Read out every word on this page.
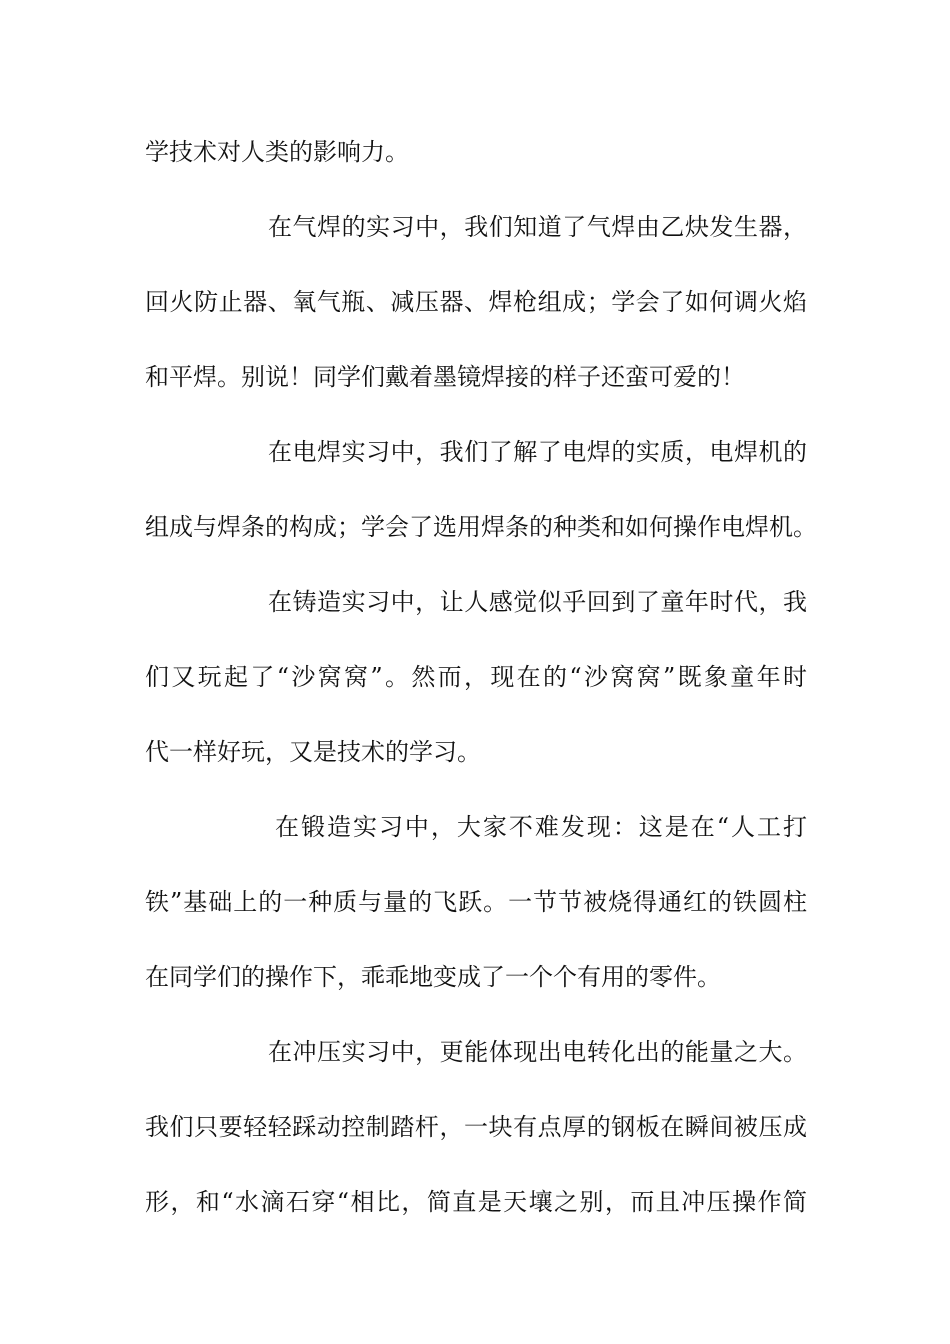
学技术对人类的影响力。
在气焊的实习中，我们知道了气焊由乙炔发生器，
回火防止器、氧气瓶、减压器、焊枪组成；学会了如何调火焰
和平焊。别说！同学们戴着墨镜焊接的样子还蛮可爱的！
在电焊实习中，我们了解了电焊的实质，电焊机的
组成与焊条的构成；学会了选用焊条的种类和如何操作电焊机。
在铸造实习中，让人感觉似乎回到了童年时代，我
们又玩起了“沙窝窝”。然而，现在的“沙窝窝”既象童年时
代一样好玩，又是技术的学习。
在锻造实习中，大家不难发现：这是在“人工打
铁”基础上的一种质与量的飞跃。一节节被烧得通红的铁圆柱
在同学们的操作下，乖乖地变成了一个个有用的零件。
在冲压实习中，更能体现出电转化出的能量之大。
我们只要轻轻踩动控制踏杆，一块有点厚的钢板在瞬间被压成
形，和“水滴石穿“相比，简直是天壤之别，而且冲压操作简
